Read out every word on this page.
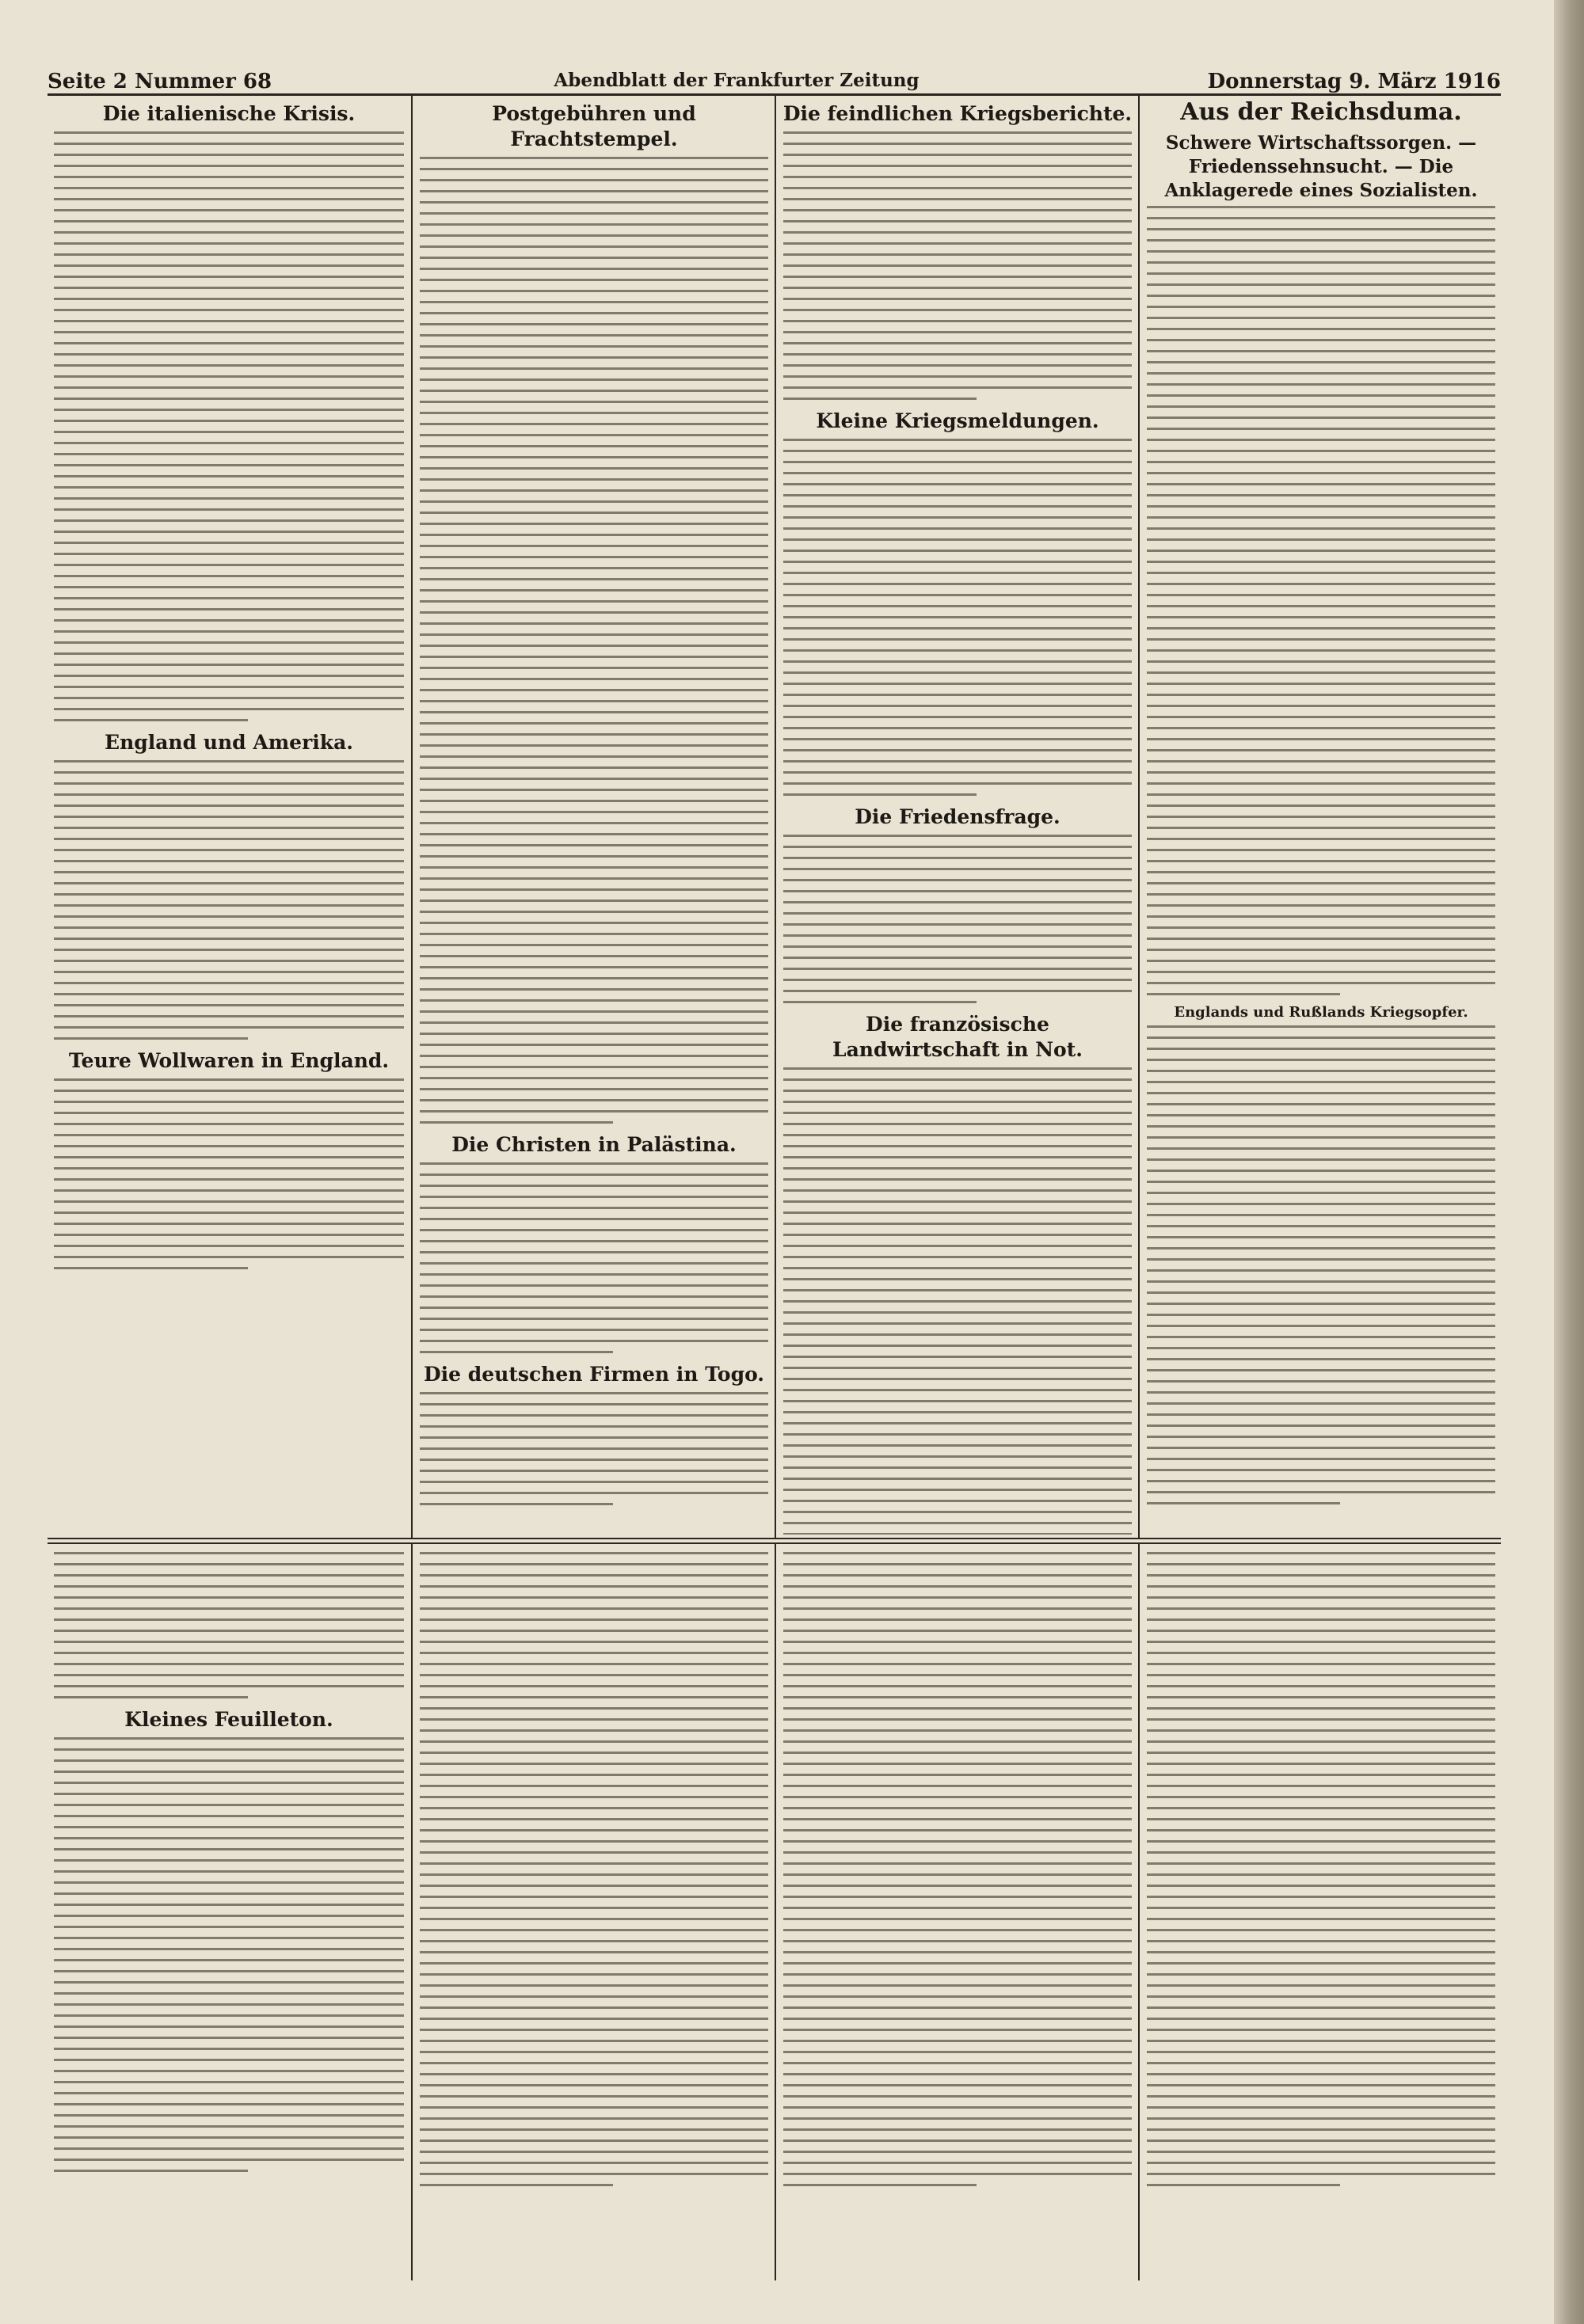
Seite 2 Nummer 68	Abendblatt der Frankfurter Zeitung	Donnerstag 9. März 1916
Die italienische Krisis.
England und Amerika.
Teure Wollwaren in England.
Postgebühren und Frachtstempel.
Die Christen in Palästina.
Die deutschen Firmen in Togo.
Die feindlichen Kriegsberichte.
Kleine Kriegsmeldungen.
Die Friedensfrage.
Die französische Landwirtschaft in Not.
Aus der Reichsduma.
Schwere Wirtschaftssorgen. — Friedenssehnsucht. — Die Anklagerede eines Sozialisten.
Englands und Rußlands Kriegsopfer.
Kleines Feuilleton.
